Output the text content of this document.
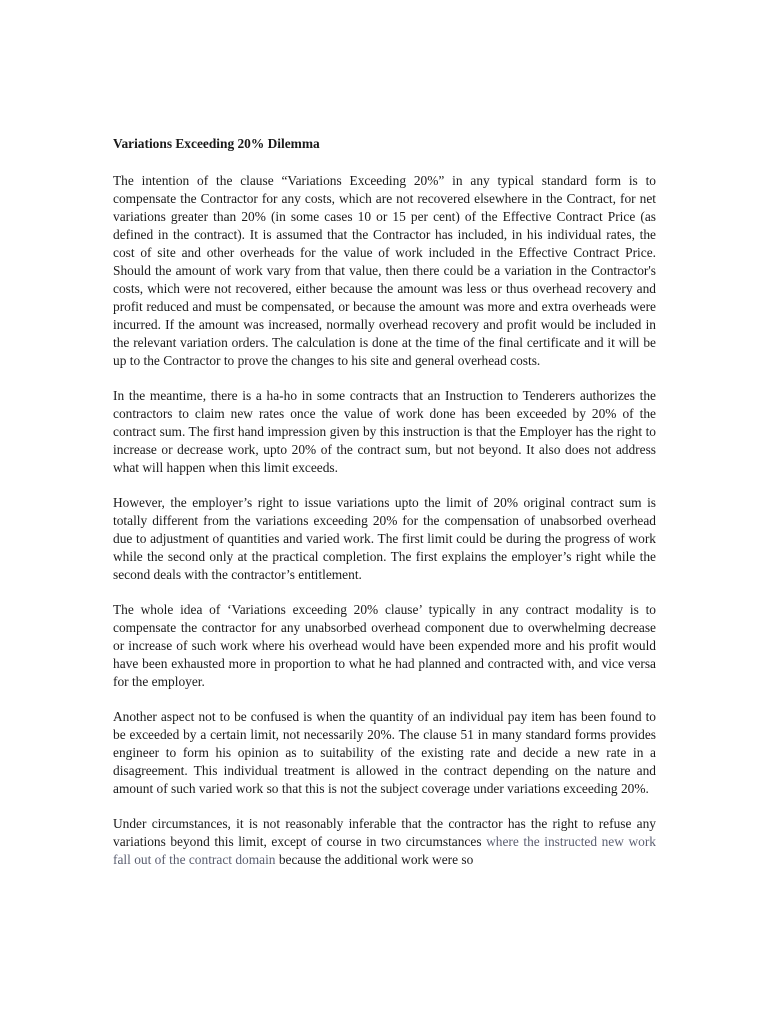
Variations Exceeding 20% Dilemma

The intention of the clause “Variations Exceeding 20%” in any typical standard form is to compensate the Contractor for any costs, which are not recovered elsewhere in the Contract, for net variations greater than 20% (in some cases 10 or 15 per cent) of the Effective Contract Price (as defined in the contract). It is assumed that the Contractor has included, in his individual rates, the cost of site and other overheads for the value of work included in the Effective Contract Price. Should the amount of work vary from that value, then there could be a variation in the Contractor's costs, which were not recovered, either because the amount was less or thus overhead recovery and profit reduced and must be compensated, or because the amount was more and extra overheads were incurred. If the amount was increased, normally overhead recovery and profit would be included in the relevant variation orders. The calculation is done at the time of the final certificate and it will be up to the Contractor to prove the changes to his site and general overhead costs.

In the meantime, there is a ha-ho in some contracts that an Instruction to Tenderers authorizes the contractors to claim new rates once the value of work done has been exceeded by 20% of the contract sum. The first hand impression given by this instruction is that the Employer has the right to increase or decrease work, upto 20% of the contract sum, but not beyond. It also does not address what will happen when this limit exceeds.

However, the employer’s right to issue variations upto the limit of 20% original contract sum is totally different from the variations exceeding 20% for the compensation of unabsorbed overhead due to adjustment of quantities and varied work. The first limit could be during the progress of work while the second only at the practical completion. The first explains the employer’s right while the second deals with the contractor’s entitlement.

The whole idea of ‘Variations exceeding 20% clause’ typically in any contract modality is to compensate the contractor for any unabsorbed overhead component due to overwhelming decrease or increase of such work where his overhead would have been expended more and his profit would have been exhausted more in proportion to what he had planned and contracted with, and vice versa for the employer.

Another aspect not to be confused is when the quantity of an individual pay item has been found to be exceeded by a certain limit, not necessarily 20%. The clause 51 in many standard forms provides engineer to form his opinion as to suitability of the existing rate and decide a new rate in a disagreement. This individual treatment is allowed in the contract depending on the nature and amount of such varied work so that this is not the subject coverage under variations exceeding 20%.

Under circumstances, it is not reasonably inferable that the contractor has the right to refuse any variations beyond this limit, except of course in two circumstances where the instructed new work fall out of the contract domain because the additional work were so
